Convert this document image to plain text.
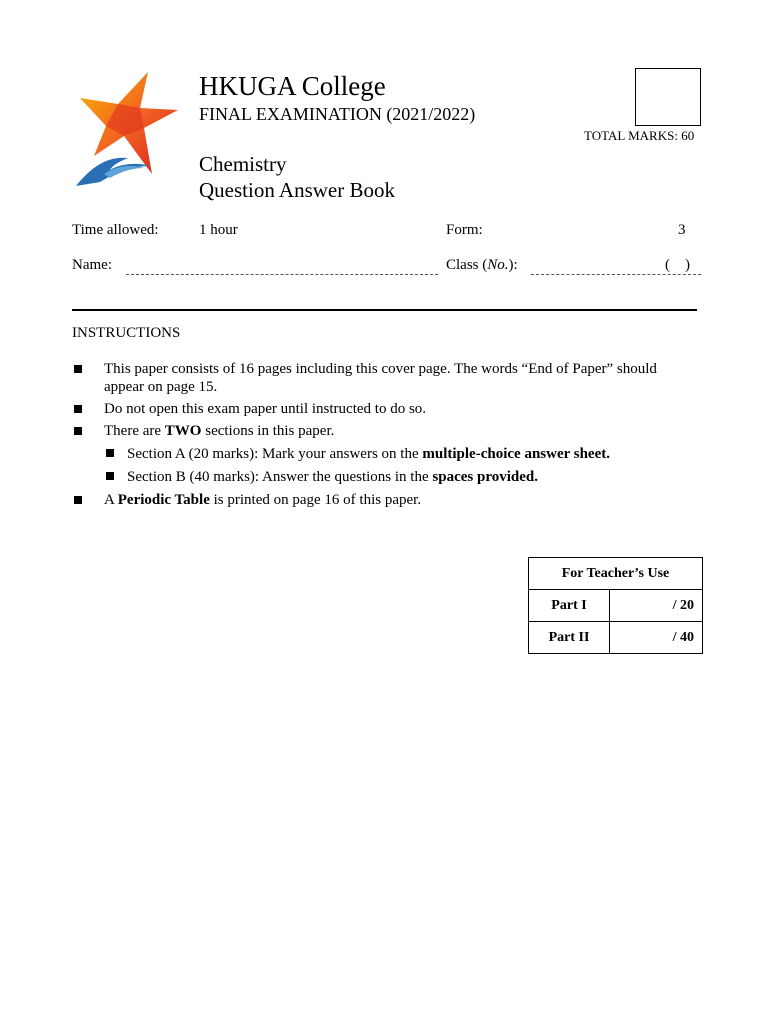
HKUGA College
FINAL EXAMINATION (2021/2022)
Chemistry
Question Answer Book
TOTAL MARKS: 60
Time allowed:	1 hour	Form:	3
Name:	Class (No.):	(    )
INSTRUCTIONS
This paper consists of 16 pages including this cover page. The words “End of Paper” should appear on page 15.
Do not open this exam paper until instructed to do so.
There are TWO sections in this paper.
Section A (20 marks): Mark your answers on the multiple-choice answer sheet.
Section B (40 marks): Answer the questions in the spaces provided.
A Periodic Table is printed on page 16 of this paper.
For Teacher’s Use	
Part I	/ 20
Part II	/ 40
